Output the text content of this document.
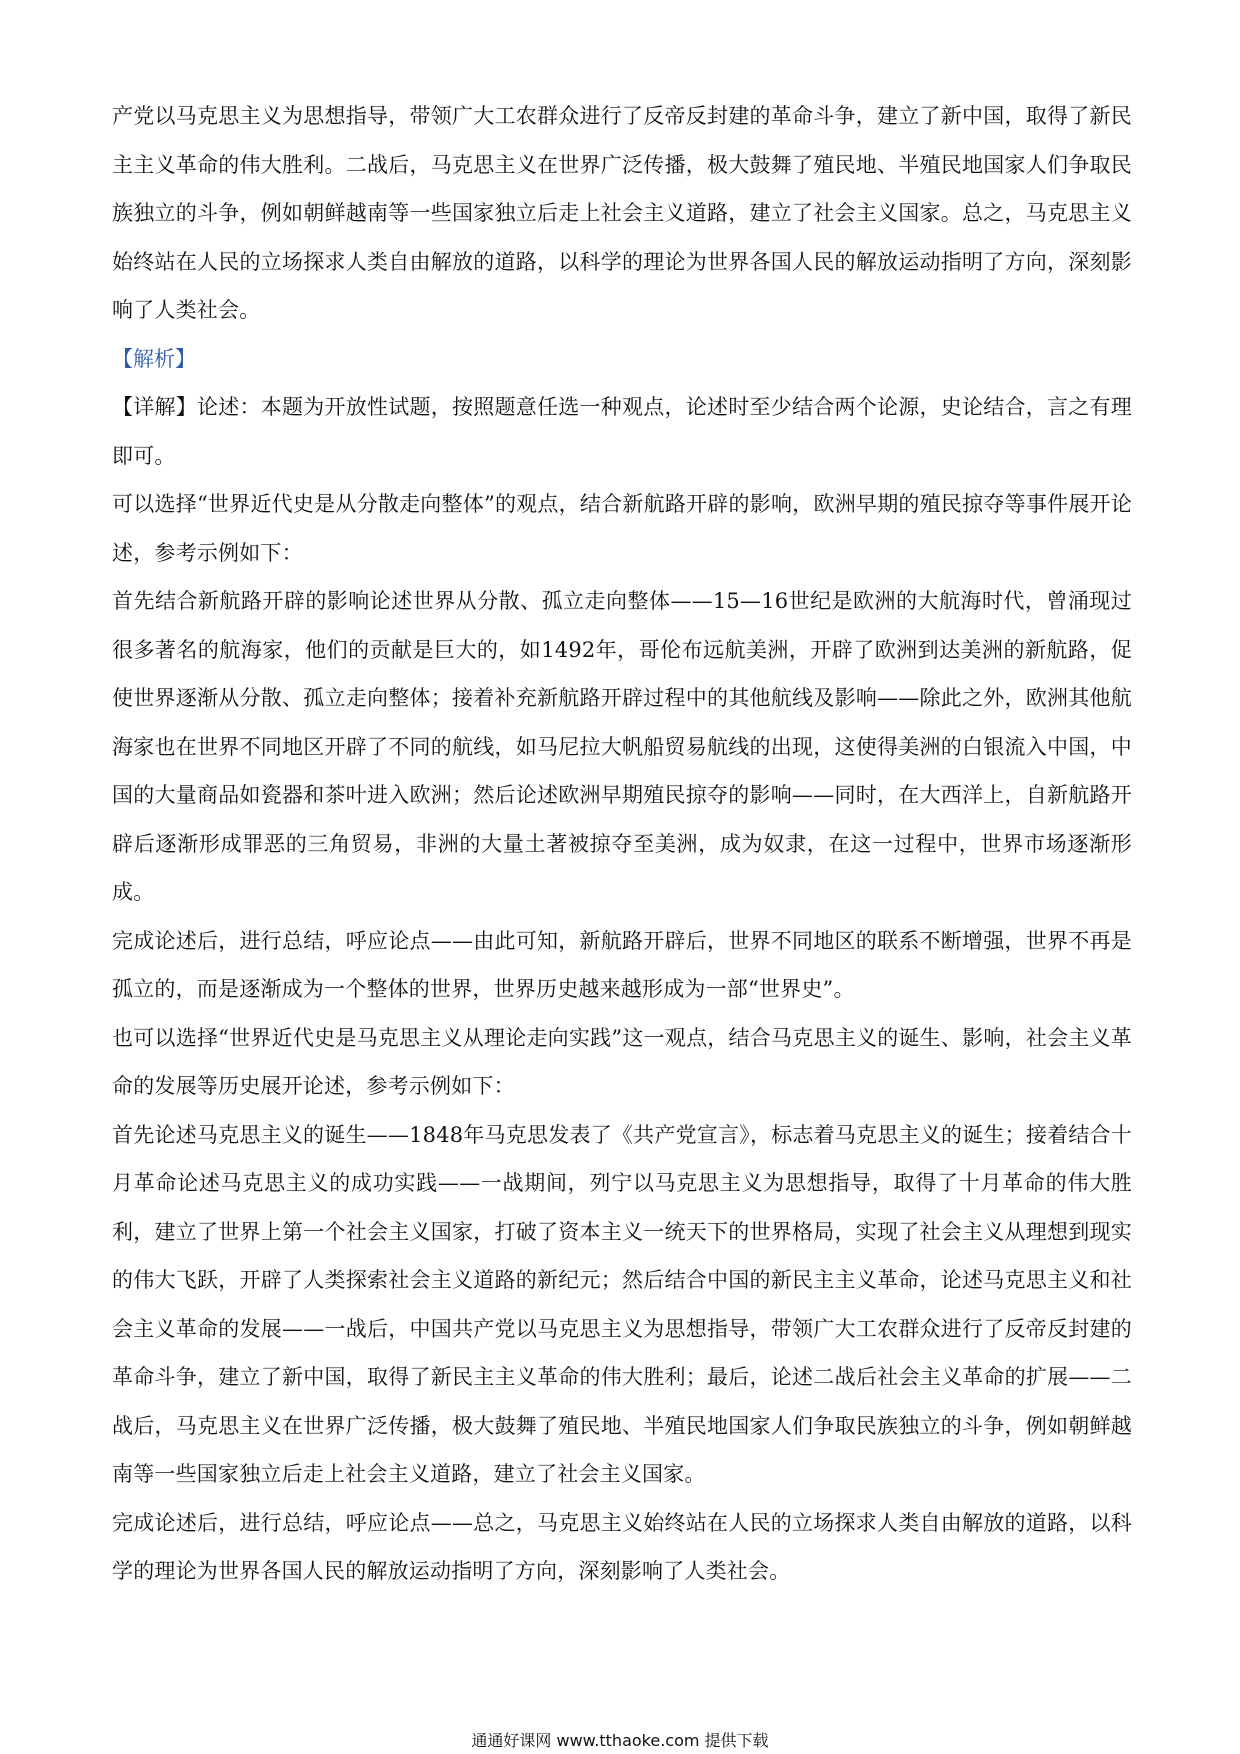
产党以马克思主义为思想指导，带领广大工农群众进行了反帝反封建的革命斗争，建立了新中国，取得了新民主主义革命的伟大胜利。二战后，马克思主义在世界广泛传播，极大鼓舞了殖民地、半殖民地国家人们争取民族独立的斗争，例如朝鲜越南等一些国家独立后走上社会主义道路，建立了社会主义国家。总之，马克思主义始终站在人民的立场探求人类自由解放的道路，以科学的理论为世界各国人民的解放运动指明了方向，深刻影响了人类社会。

【解析】

【详解】论述：本题为开放性试题，按照题意任选一种观点，论述时至少结合两个论源，史论结合，言之有理即可。

可以选择“世界近代史是从分散走向整体”的观点，结合新航路开辟的影响，欧洲早期的殖民掠夺等事件展开论述，参考示例如下：

首先结合新航路开辟的影响论述世界从分散、孤立走向整体——15—16世纪是欧洲的大航海时代，曾涌现过很多著名的航海家，他们的贡献是巨大的，如1492年，哥伦布远航美洲，开辟了欧洲到达美洲的新航路，促使世界逐渐从分散、孤立走向整体；接着补充新航路开辟过程中的其他航线及影响——除此之外，欧洲其他航海家也在世界不同地区开辟了不同的航线，如马尼拉大帆船贸易航线的出现，这使得美洲的白银流入中国，中国的大量商品如瓷器和茶叶进入欧洲；然后论述欧洲早期殖民掠夺的影响——同时，在大西洋上，自新航路开辟后逐渐形成罪恶的三角贸易，非洲的大量土著被掠夺至美洲，成为奴隶，在这一过程中，世界市场逐渐形成。

完成论述后，进行总结，呼应论点——由此可知，新航路开辟后，世界不同地区的联系不断增强，世界不再是孤立的，而是逐渐成为一个整体的世界，世界历史越来越形成为一部“世界史”。

也可以选择“世界近代史是马克思主义从理论走向实践”这一观点，结合马克思主义的诞生、影响，社会主义革命的发展等历史展开论述，参考示例如下：

首先论述马克思主义的诞生——1848年马克思发表了《共产党宣言》，标志着马克思主义的诞生；接着结合十月革命论述马克思主义的成功实践——一战期间，列宁以马克思主义为思想指导，取得了十月革命的伟大胜利，建立了世界上第一个社会主义国家，打破了资本主义一统天下的世界格局，实现了社会主义从理想到现实的伟大飞跃，开辟了人类探索社会主义道路的新纪元；然后结合中国的新民主主义革命，论述马克思主义和社会主义革命的发展——一战后，中国共产党以马克思主义为思想指导，带领广大工农群众进行了反帝反封建的革命斗争，建立了新中国，取得了新民主主义革命的伟大胜利；最后，论述二战后社会主义革命的扩展——二战后，马克思主义在世界广泛传播，极大鼓舞了殖民地、半殖民地国家人们争取民族独立的斗争，例如朝鲜越南等一些国家独立后走上社会主义道路，建立了社会主义国家。

完成论述后，进行总结，呼应论点——总之，马克思主义始终站在人民的立场探求人类自由解放的道路，以科学的理论为世界各国人民的解放运动指明了方向，深刻影响了人类社会。

通通好课网 www.tthaoke.com 提供下载
